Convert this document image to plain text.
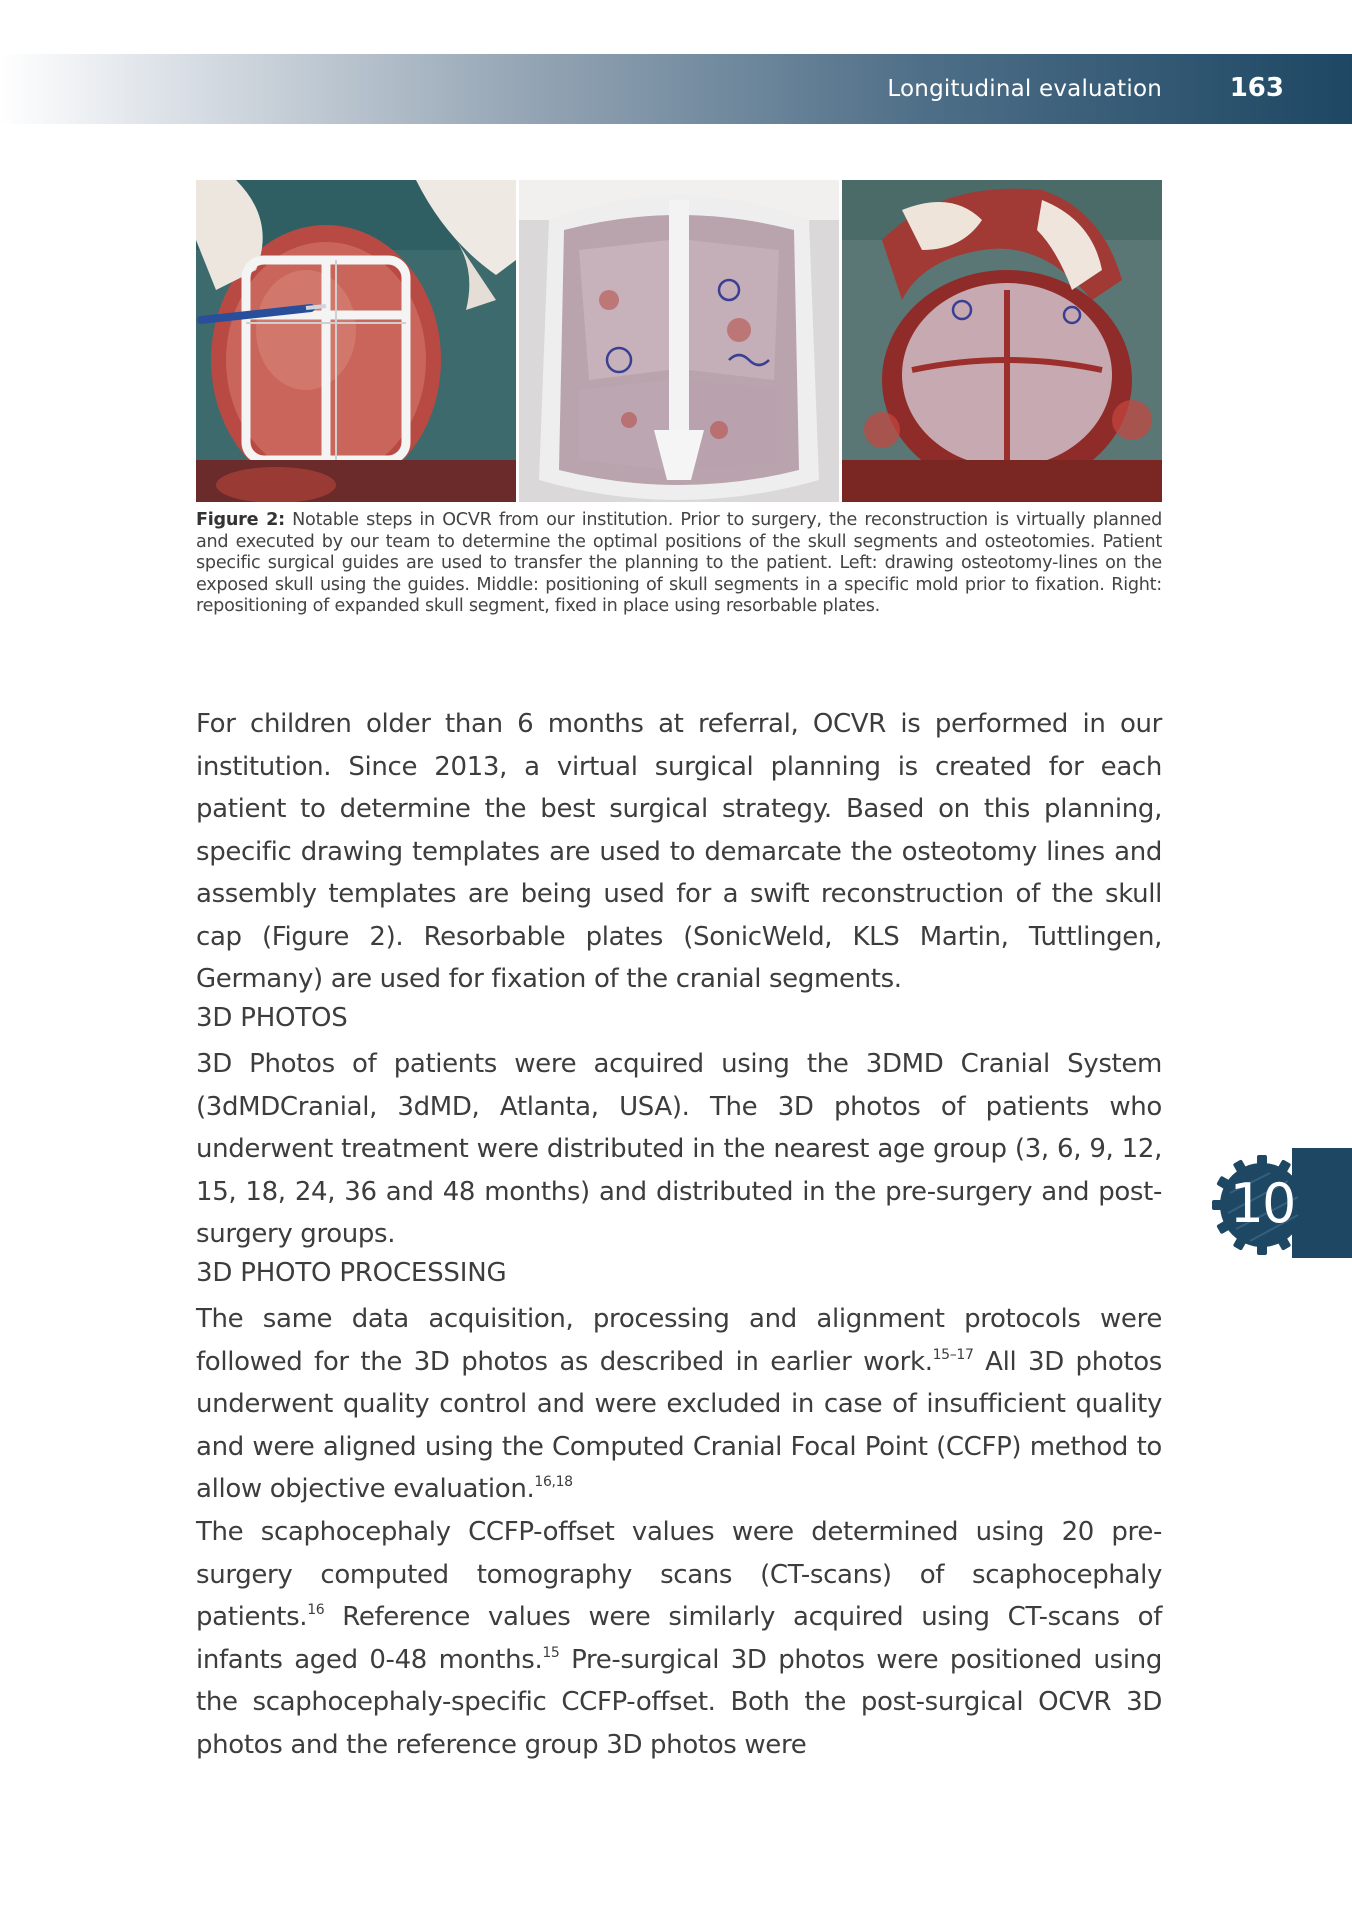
Longitudinal evaluation	163
Figure 2: Notable steps in OCVR from our institution. Prior to surgery, the reconstruction is virtually planned and executed by our team to determine the optimal positions of the skull segments and osteotomies. Patient specific surgical guides are used to transfer the planning to the patient. Left: drawing osteotomy-lines on the exposed skull using the guides. Middle: positioning of skull segments in a specific mold prior to fixation. Right: repositioning of expanded skull segment, fixed in place using resorbable plates.
For children older than 6 months at referral, OCVR is performed in our institution. Since 2013, a virtual surgical planning is created for each patient to determine the best surgical strategy. Based on this planning, specific drawing templates are used to demarcate the osteotomy lines and assembly templates are being used for a swift reconstruction of the skull cap (Figure 2). Resorbable plates (SonicWeld, KLS Martin, Tuttlingen, Germany) are used for fixation of the cranial segments.
3D PHOTOS
3D Photos of patients were acquired using the 3DMD Cranial System (3dMDCranial, 3dMD, Atlanta, USA). The 3D photos of patients who underwent treatment were distributed in the nearest age group (3, 6, 9, 12, 15, 18, 24, 36 and 48 months) and distributed in the pre-surgery and post-surgery groups.
3D PHOTO PROCESSING
The same data acquisition, processing and alignment protocols were followed for the 3D photos as described in earlier work.$^{15-17}$ All 3D photos underwent quality control and were excluded in case of insufficient quality and were aligned using the Computed Cranial Focal Point (CCFP) method to allow objective evaluation.$^{16,18}$
The scaphocephaly CCFP-offset values were determined using 20 pre-surgery computed tomography scans (CT-scans) of scaphocephaly patients.$^{16}$ Reference values were similarly acquired using CT-scans of infants aged 0-48 months.$^{15}$ Pre-surgical 3D photos were positioned using the scaphocephaly-specific CCFP-offset. Both the post-surgical OCVR 3D photos and the reference group 3D photos were
10
